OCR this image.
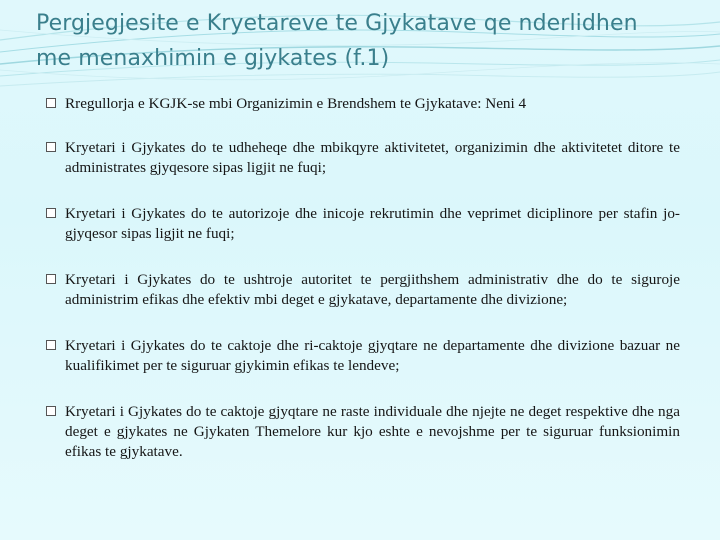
Pergjegjesite e Kryetareve te Gjykatave qe nderlidhen me menaxhimin e gjykates (f.1)
Rregullorja e KGJK-se mbi Organizimin e Brendshem te Gjykatave: Neni 4
Kryetari i Gjykates do te udheheqe dhe mbikqyre aktivitetet, organizimin dhe aktivitetet ditore te administrates gjyqesore sipas ligjit ne fuqi;
Kryetari i Gjykates do te autorizoje dhe inicoje rekrutimin dhe veprimet diciplinore per stafin jo-gjyqesor sipas ligjit ne fuqi;
Kryetari i Gjykates do te ushtroje autoritet te pergjithshem administrativ dhe do te siguroje administrim efikas dhe efektiv mbi deget e gjykatave, departamente dhe divizione;
Kryetari i Gjykates do te caktoje dhe ri-caktoje gjyqtare ne departamente dhe divizione bazuar ne kualifikimet per te siguruar gjykimin efikas te lendeve;
Kryetari i Gjykates do te caktoje gjyqtare ne raste individuale dhe njejte ne deget respektive dhe nga deget e gjykates ne Gjykaten Themelore kur kjo eshte e nevojshme per te siguruar funksionimin efikas te gjykatave.
